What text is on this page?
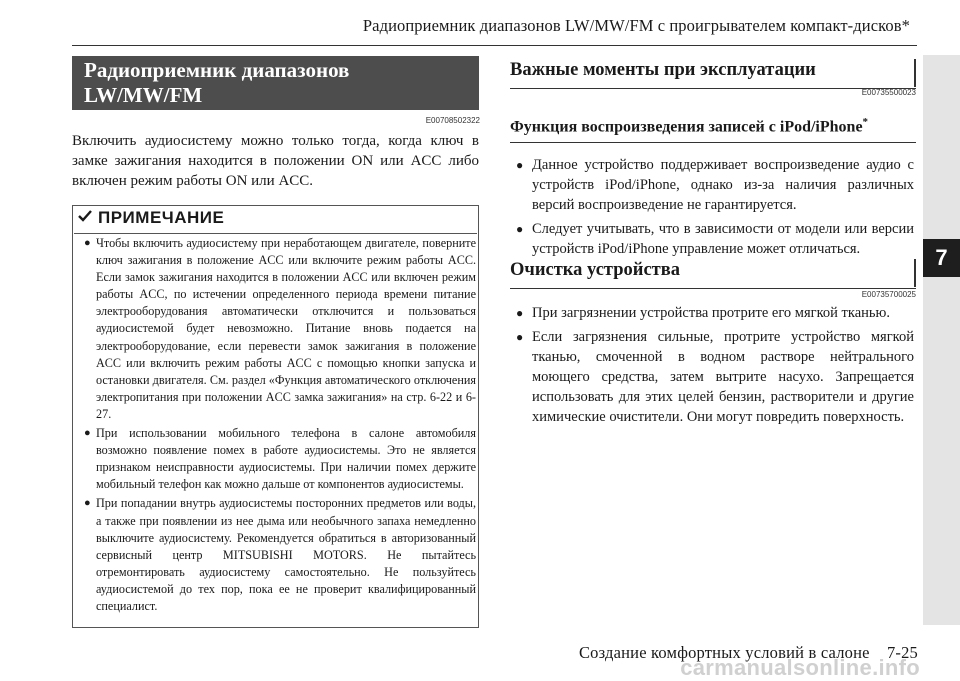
Радиоприемник диапазонов LW/MW/FM с проигрывателем компакт-дисков*
7
Радиоприемник диапазонов LW/MW/FM
с проигрывателем компакт-дисков* E00708502322
Включить аудиосистему можно только тогда, когда ключ в замке зажигания находится в положении ON или ACC либо включен режим работы ON или ACC.
ПРИМЕЧАНИЕ
● Чтобы включить аудиосистему при неработающем двигателе, поверните ключ зажигания в положение ACC или включите режим работы ACC. Если замок зажигания находится в положении ACC или включен режим работы ACC, по истечении определенного периода времени питание электрооборудования автоматически отключится и пользоваться аудиосистемой будет невозможно. Питание вновь подается на электрооборудование, если перевести замок зажигания в положение ACC или включить режим работы ACC с помощью кнопки запуска и остановки двигателя. См. раздел «Функция автоматического отключения электропитания при положении ACC замка зажигания» на стр. 6-22 и 6-27.
● При использовании мобильного телефона в салоне автомобиля возможно появление помех в работе аудиосистемы. Это не является признаком неисправности аудиосистемы. При наличии помех держите мобильный телефон как можно дальше от компонентов аудиосистемы.
● При попадании внутрь аудиосистемы посторонних предметов или воды, а также при появлении из нее дыма или необычного запаха немедленно выключите аудиосистему. Рекомендуется обратиться в авторизованный сервисный центр MITSUBISHI MOTORS. Не пытайтесь отремонтировать аудиосистему самостоятельно. Не пользуйтесь аудиосистемой до тех пор, пока ее не проверит квалифицированный специалист.
Важные моменты при эксплуатации
E00735500023
Функция воспроизведения записей с iPod/iPhone*
● Данное устройство поддерживает воспроизведение аудио с устройств iPod/iPhone, однако из-за наличия различных версий воспроизведение не гарантируется.
● Следует учитывать, что в зависимости от модели или версии устройств iPod/iPhone управление может отличаться.
Очистка устройства
E00735700025
● При загрязнении устройства протрите его мягкой тканью.
● Если загрязнения сильные, протрите устройство мягкой тканью, смоченной в водном растворе нейтрального моющего средства, затем вытрите насухо. Запрещается использовать для этих целей бензин, растворители и другие химические очистители. Они могут повредить поверхность.
Создание комфортных условий в салоне    7-25
carmanualsonline.info
